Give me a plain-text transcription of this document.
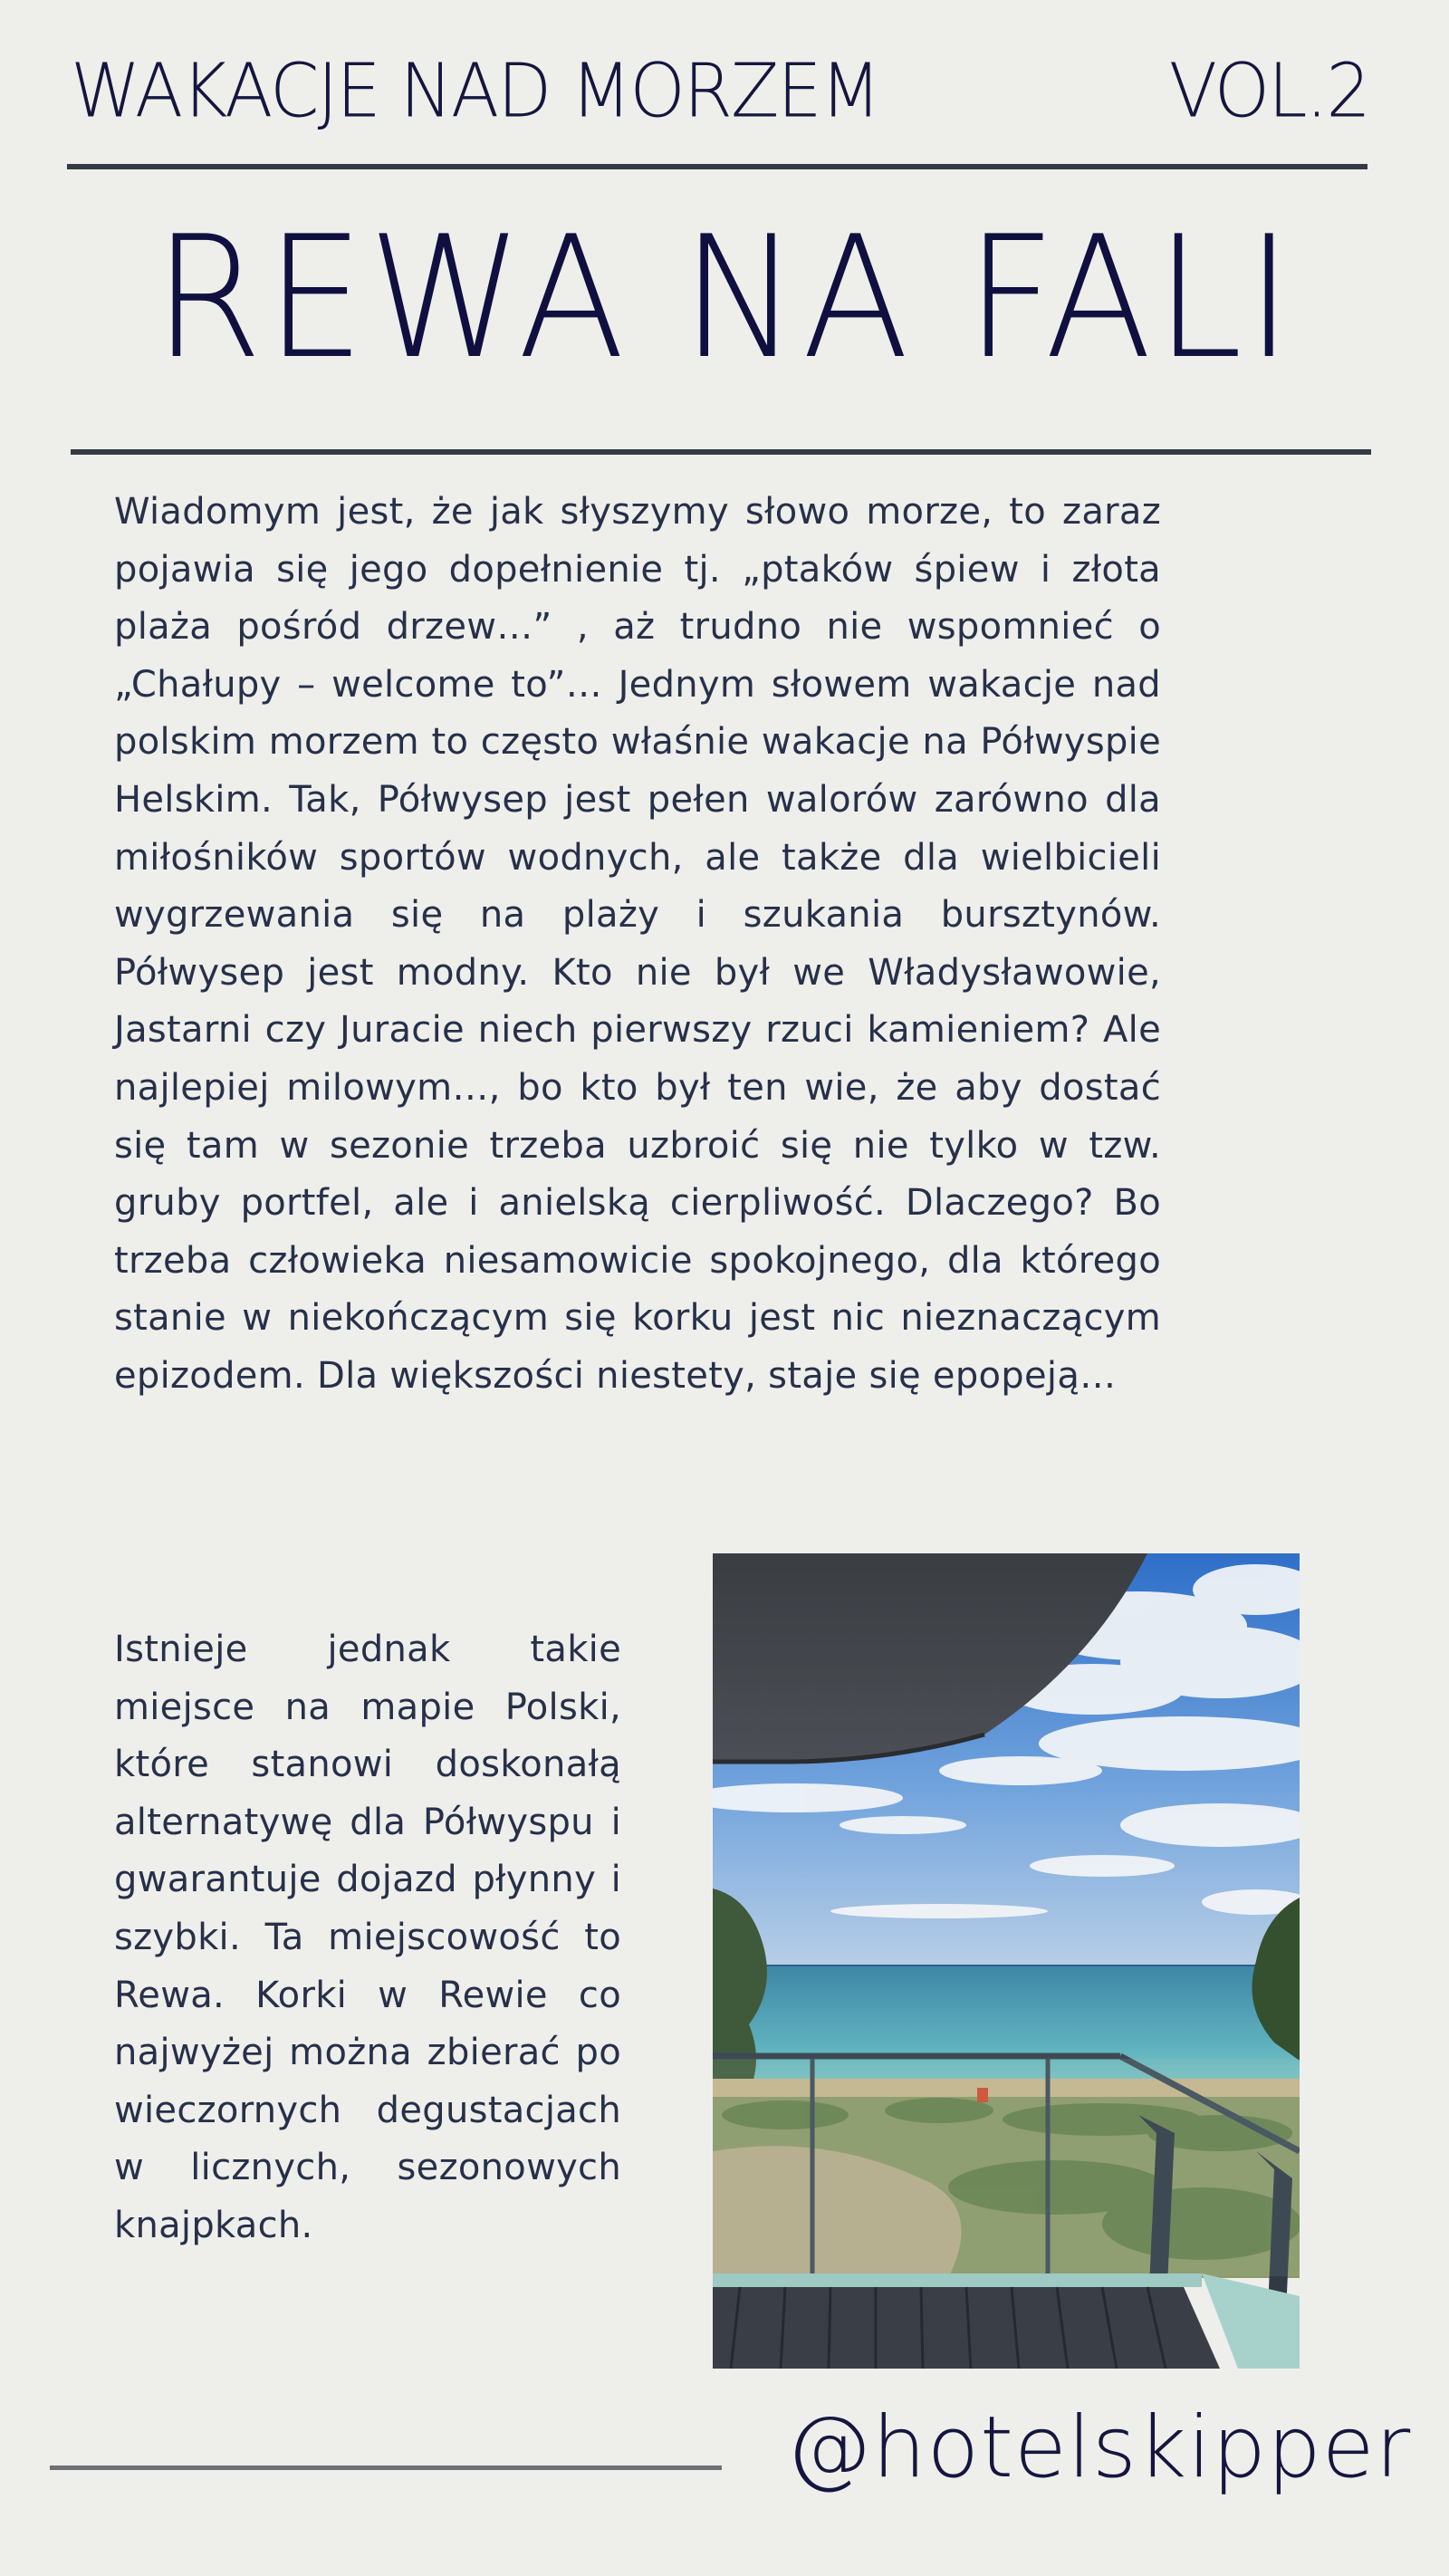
WAKACJE NAD MORZEM	VOL.2
REWA NA FALI

Wiadomym jest, że jak słyszymy słowo morze, to zaraz pojawia się jego dopełnienie tj. „ptaków śpiew i złota plaża pośród drzew…” , aż trudno nie wspomnieć o „Chałupy – welcome to”… Jednym słowem wakacje nad polskim morzem to często właśnie wakacje na Półwyspie Helskim. Tak, Półwysep jest pełen walorów zarówno dla miłośników sportów wodnych, ale także dla wielbicieli wygrzewania się na plaży i szukania bursztynów. Półwysep jest modny. Kto nie był we Władysławowie, Jastarni czy Juracie niech pierwszy rzuci kamieniem? Ale najlepiej milowym…, bo kto był ten wie, że aby dostać się tam w sezonie trzeba uzbroić się nie tylko w tzw. gruby portfel, ale i anielską cierpliwość. Dlaczego? Bo trzeba człowieka niesamowicie spokojnego, dla którego stanie w niekończącym się korku jest nic nieznaczącym epizodem. Dla większości niestety, staje się epopeją…

Istnieje jednak takie miejsce na mapie Polski, które stanowi doskonałą alternatywę dla Półwyspu i gwarantuje dojazd płynny i szybki. Ta miejscowość to Rewa. Korki w Rewie co najwyżej można zbierać po wieczornych degustacjach w licznych, sezonowych knajpkach.

@hotelskipper
